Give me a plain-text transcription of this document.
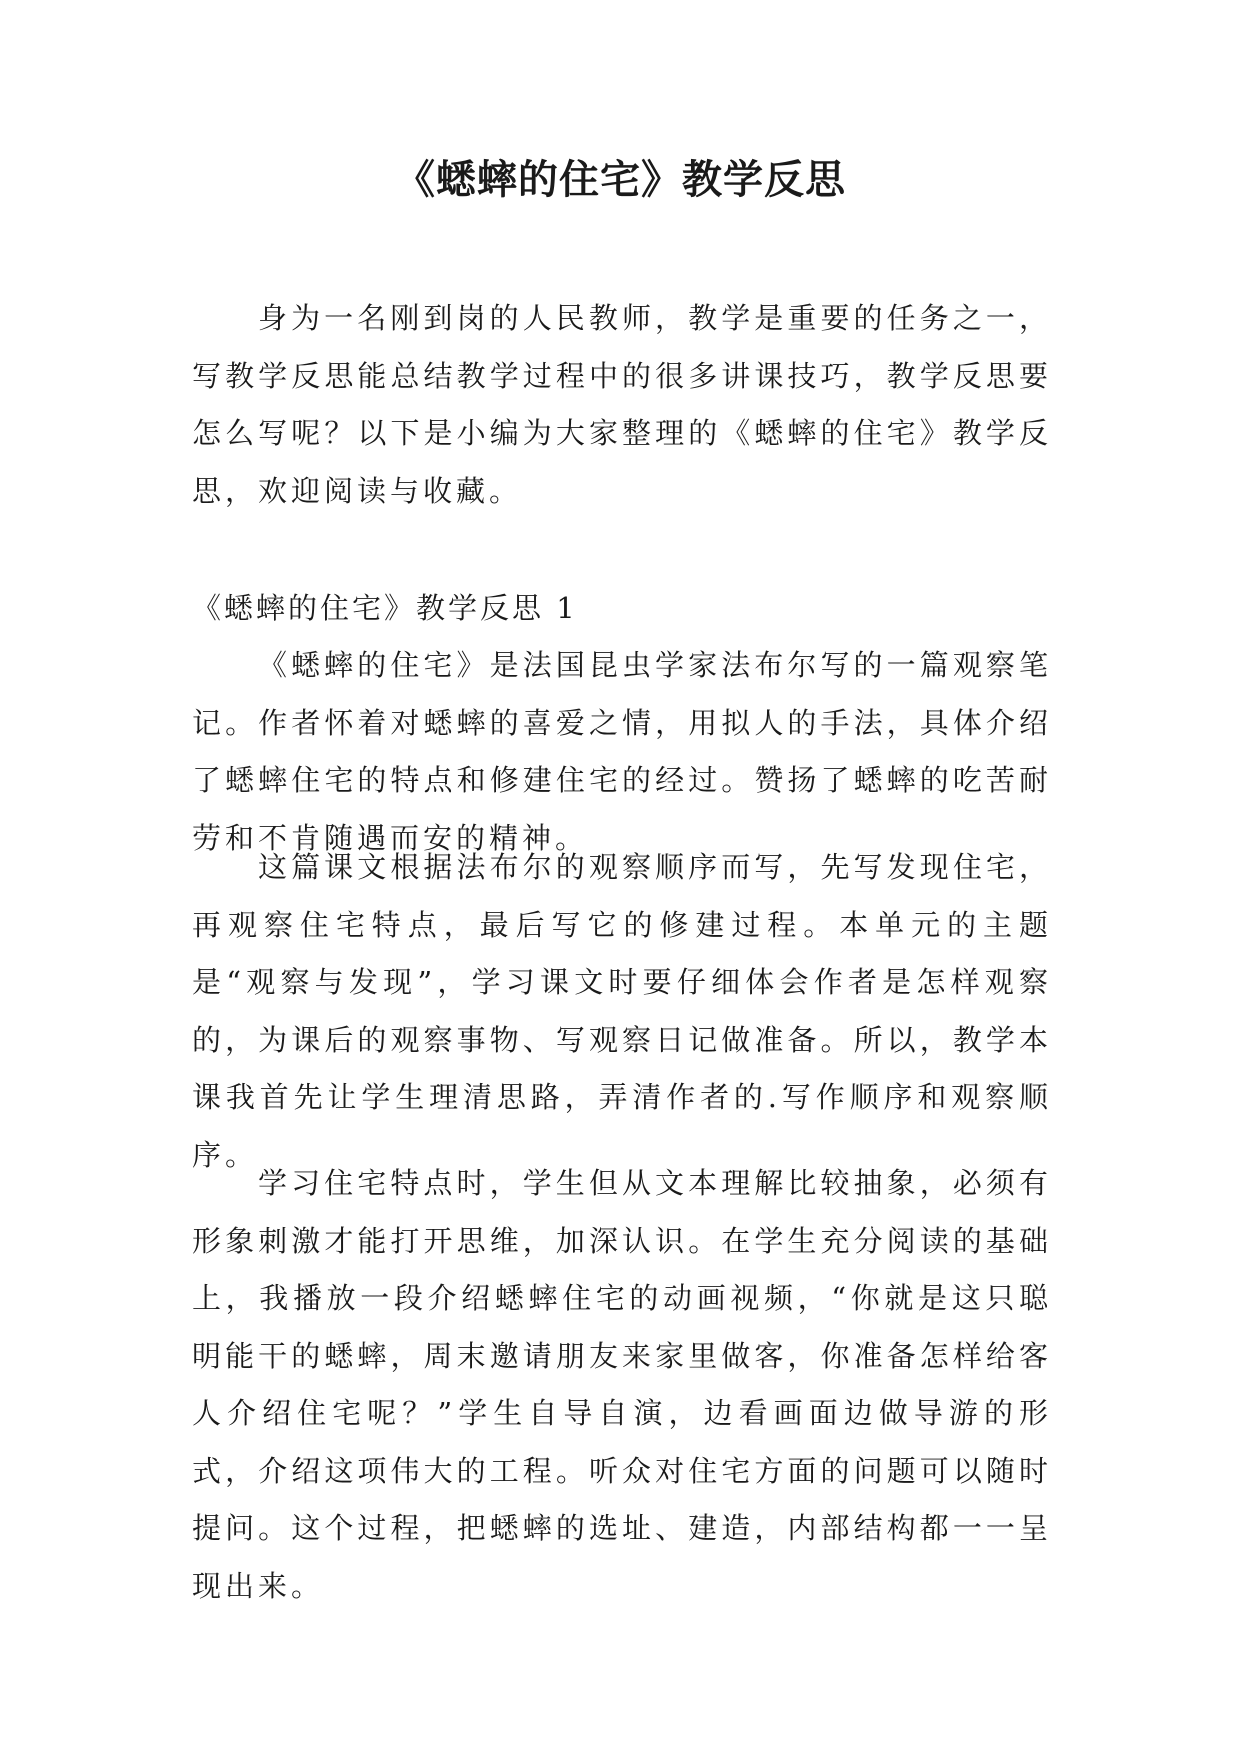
《蟋蟀的住宅》教学反思

身为一名刚到岗的人民教师，教学是重要的任务之一，写教学反思能总结教学过程中的很多讲课技巧，教学反思要怎么写呢？以下是小编为大家整理的《蟋蟀的住宅》教学反思，欢迎阅读与收藏。

《蟋蟀的住宅》教学反思 1

《蟋蟀的住宅》是法国昆虫学家法布尔写的一篇观察笔记。作者怀着对蟋蟀的喜爱之情，用拟人的手法，具体介绍了蟋蟀住宅的特点和修建住宅的经过。赞扬了蟋蟀的吃苦耐劳和不肯随遇而安的精神。

这篇课文根据法布尔的观察顺序而写，先写发现住宅，再观察住宅特点，最后写它的修建过程。本单元的主题是“观察与发现”，学习课文时要仔细体会作者是怎样观察的，为课后的观察事物、写观察日记做准备。所以，教学本课我首先让学生理清思路，弄清作者的.写作顺序和观察顺序。

学习住宅特点时，学生但从文本理解比较抽象，必须有形象刺激才能打开思维，加深认识。在学生充分阅读的基础上，我播放一段介绍蟋蟀住宅的动画视频，“你就是这只聪明能干的蟋蟀，周末邀请朋友来家里做客，你准备怎样给客人介绍住宅呢？”学生自导自演，边看画面边做导游的形式，介绍这项伟大的工程。听众对住宅方面的问题可以随时提问。这个过程，把蟋蟀的选址、建造，内部结构都一一呈现出来。
